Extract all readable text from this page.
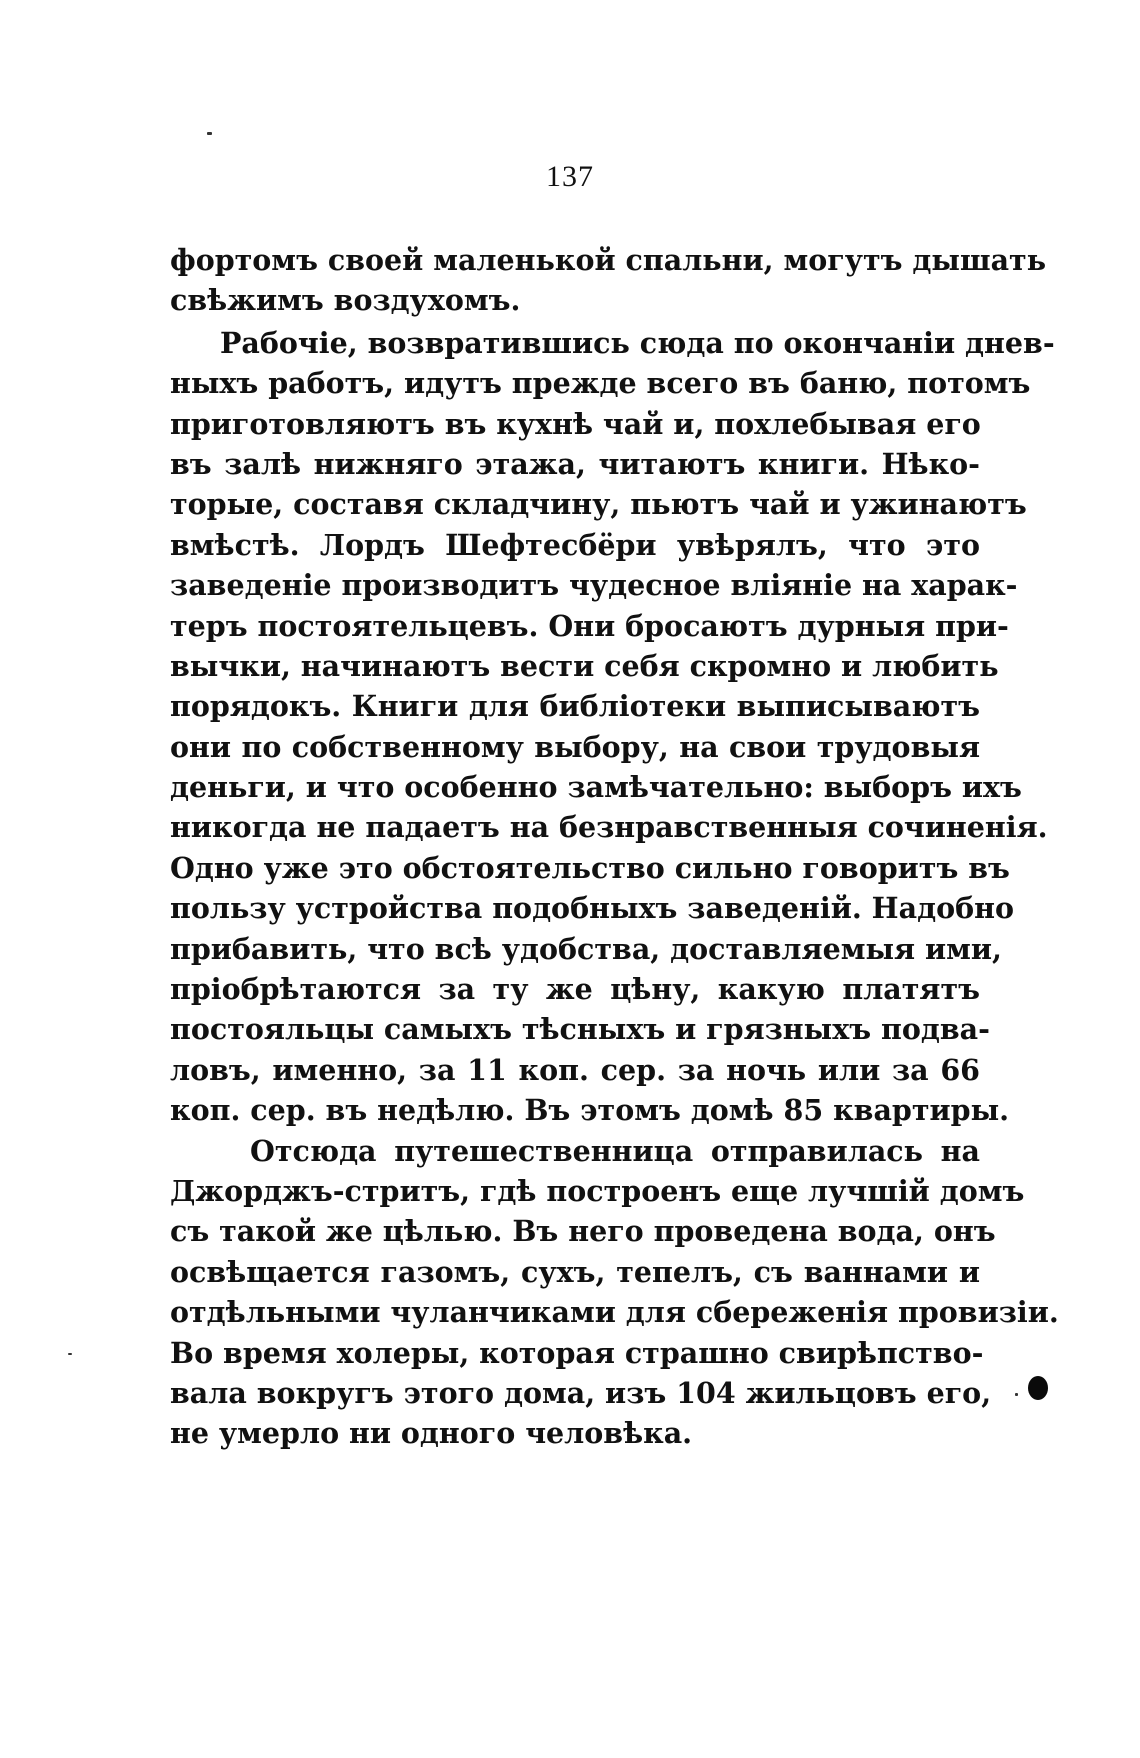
137
фортомъ своей маленькой спальни, могутъ дышать
свѣжимъ воздухомъ.
Рабочіе, возвратившись сюда по окончаніи днев-
ныхъ работъ, идутъ прежде всего въ баню, потомъ
приготовляютъ въ кухнѣ чай и, похлебывая его
въ залѣ нижняго этажа, читаютъ книги. Нѣко-
торые, составя складчину, пьютъ чай и ужинаютъ
вмѣстѣ. Лордъ Шефтесбёри увѣрялъ, что это
заведеніе производитъ чудесное вліяніе на харак-
теръ постоятельцевъ. Они бросаютъ дурныя при-
вычки, начинаютъ вести себя скромно и любить
порядокъ. Книги для библіотеки выписываютъ
они по собственному выбору, на свои трудовыя
деньги, и что особенно замѣчательно: выборъ ихъ
никогда не падаетъ на безнравственныя сочиненія.
Одно уже это обстоятельство сильно говоритъ въ
пользу устройства подобныхъ заведеній. Надобно
прибавить, что всѣ удобства, доставляемыя ими,
пріобрѣтаются за ту же цѣну, какую платятъ
постояльцы самыхъ тѣсныхъ и грязныхъ подва-
ловъ, именно, за 11 коп. сер. за ночь или за 66
коп. сер. въ недѣлю. Въ этомъ домѣ 85 квартиры.
Отсюда путешественница отправилась на
Джорджъ-стритъ, гдѣ построенъ еще лучшій домъ
съ такой же цѣлью. Въ него проведена вода, онъ
освѣщается газомъ, сухъ, тепелъ, съ ваннами и
отдѣльными чуланчиками для сбереженія провизіи.
Во время холеры, которая страшно свирѣпство-
вала вокругъ этого дома, изъ 104 жильцовъ его,
не умерло ни одного человѣка.
